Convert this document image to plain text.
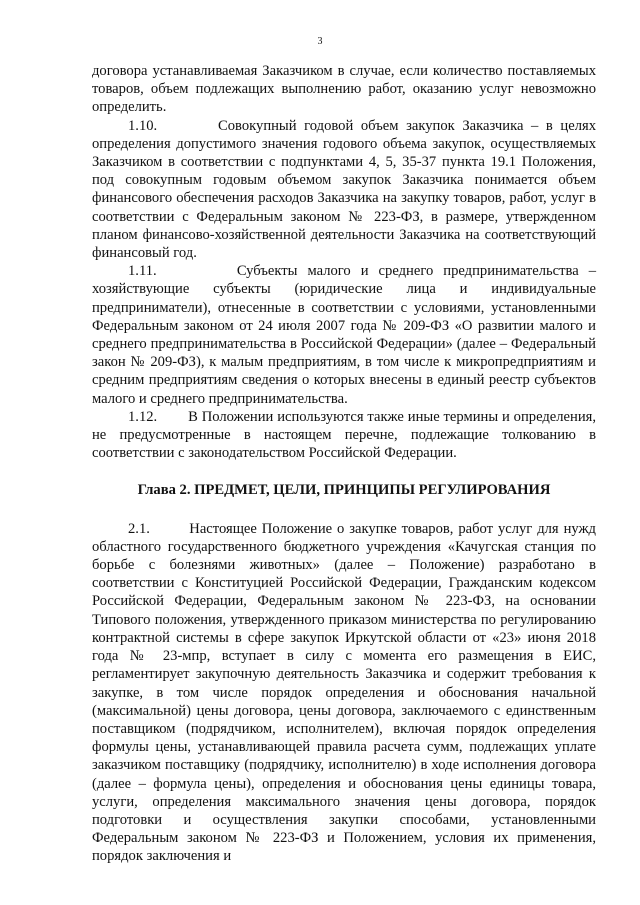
3

договора устанавливаемая Заказчиком в случае, если количество поставляемых товаров, объем подлежащих выполнению работ, оказанию услуг невозможно определить.

1.10.	Совокупный годовой объем закупок Заказчика – в целях определения допустимого значения годового объема закупок, осуществляемых Заказчиком в соответствии с подпунктами 4, 5, 35-37 пункта 19.1 Положения, под совокупным годовым объемом закупок Заказчика понимается объем финансового обеспечения расходов Заказчика на закупку товаров, работ, услуг в соответствии с Федеральным законом № 223-ФЗ, в размере, утвержденном планом финансово-хозяйственной деятельности Заказчика на соответствующий финансовый год.

1.11.	Субъекты малого и среднего предпринимательства – хозяйствующие субъекты (юридические лица и индивидуальные предприниматели), отнесенные в соответствии с условиями, установленными Федеральным законом от 24 июля 2007 года № 209-ФЗ «О развитии малого и среднего предпринимательства в Российской Федерации» (далее – Федеральный закон № 209-ФЗ), к малым предприятиям, в том числе к микропредприятиям и средним предприятиям сведения о которых внесены в единый реестр субъектов малого и среднего предпринимательства.

1.12. В Положении используются также иные термины и определения, не предусмотренные в настоящем перечне, подлежащие толкованию в соответствии с законодательством Российской Федерации.

Глава 2. ПРЕДМЕТ, ЦЕЛИ, ПРИНЦИПЫ РЕГУЛИРОВАНИЯ

2.1.	Настоящее Положение о закупке товаров, работ услуг для нужд областного государственного бюджетного учреждения «Качугская станция по борьбе с болезнями животных» (далее – Положение) разработано в соответствии с Конституцией Российской Федерации, Гражданским кодексом Российской Федерации, Федеральным законом № 223-ФЗ, на основании Типового положения, утвержденного приказом министерства по регулированию контрактной системы в сфере закупок Иркутской области от «23» июня 2018 года № 23-мпр, вступает в силу с момента его размещения в ЕИС, регламентирует закупочную деятельность Заказчика и содержит требования к закупке, в том числе порядок определения и обоснования начальной (максимальной) цены договора, цены договора, заключаемого с единственным поставщиком (подрядчиком, исполнителем), включая порядок определения формулы цены, устанавливающей правила расчета сумм, подлежащих уплате заказчиком поставщику (подрядчику, исполнителю) в ходе исполнения договора (далее – формула цены), определения и обоснования цены единицы товара, услуги, определения максимального значения цены договора, порядок подготовки и осуществления закупки способами, установленными Федеральным законом № 223-ФЗ и Положением, условия их применения, порядок заключения и
